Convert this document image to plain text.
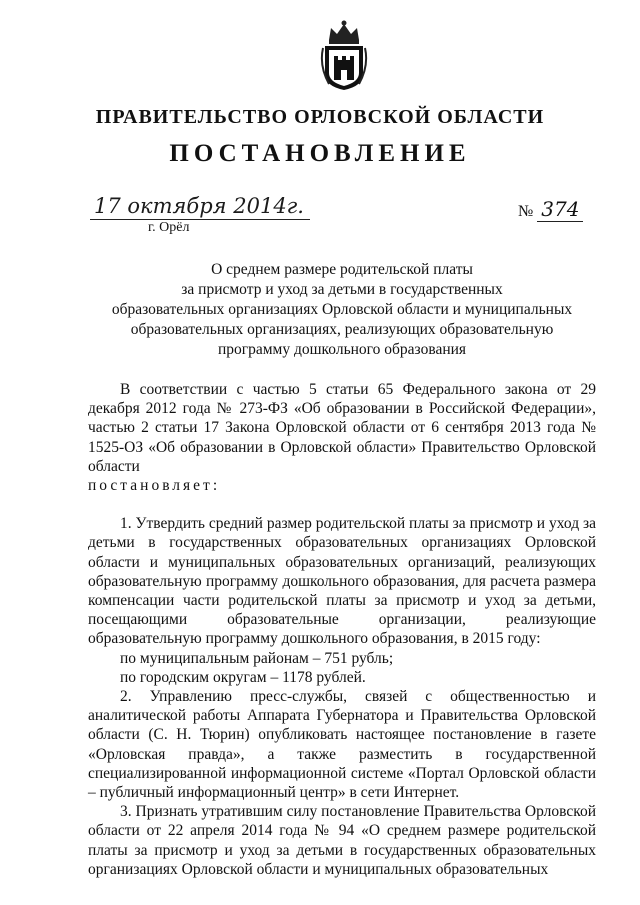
ПРАВИТЕЛЬСТВО ОРЛОВСКОЙ ОБЛАСТИ
ПОСТАНОВЛЕНИЕ
17 октября 2014г.
г. Орёл
№ 374
О среднем размере родительской платы
за присмотр и уход за детьми в государственных
образовательных организациях Орловской области и муниципальных
образовательных организациях, реализующих образовательную
программу дошкольного образования

В соответствии с частью 5 статьи 65 Федерального закона от 29 декабря 2012 года № 273-ФЗ «Об образовании в Российской Федерации», частью 2 статьи 17 Закона Орловской области от 6 сентября 2013 года № 1525-ОЗ «Об образовании в Орловской области» Правительство Орловской области

постановляет:

1. Утвердить средний размер родительской платы за присмотр и уход за детьми в государственных образовательных организациях Орловской области и муниципальных образовательных организаций, реализующих образовательную программу дошкольного образования, для расчета размера компенсации части родительской платы за присмотр и уход за детьми, посещающими образовательные организации, реализующие образовательную программу дошкольного образования, в 2015 году:

по муниципальным районам – 751 рубль;

по городским округам – 1178 рублей.

2. Управлению пресс-службы, связей с общественностью и аналитической работы Аппарата Губернатора и Правительства Орловской области (С. Н. Тюрин) опубликовать настоящее постановление в газете «Орловская правда», а также разместить в государственной специализированной информационной системе «Портал Орловской области – публичный информационный центр» в сети Интернет.

3. Признать утратившим силу постановление Правительства Орловской области от 22 апреля 2014 года № 94 «О среднем размере родительской платы за присмотр и уход за детьми в государственных образовательных организациях Орловской области и муниципальных образовательных
